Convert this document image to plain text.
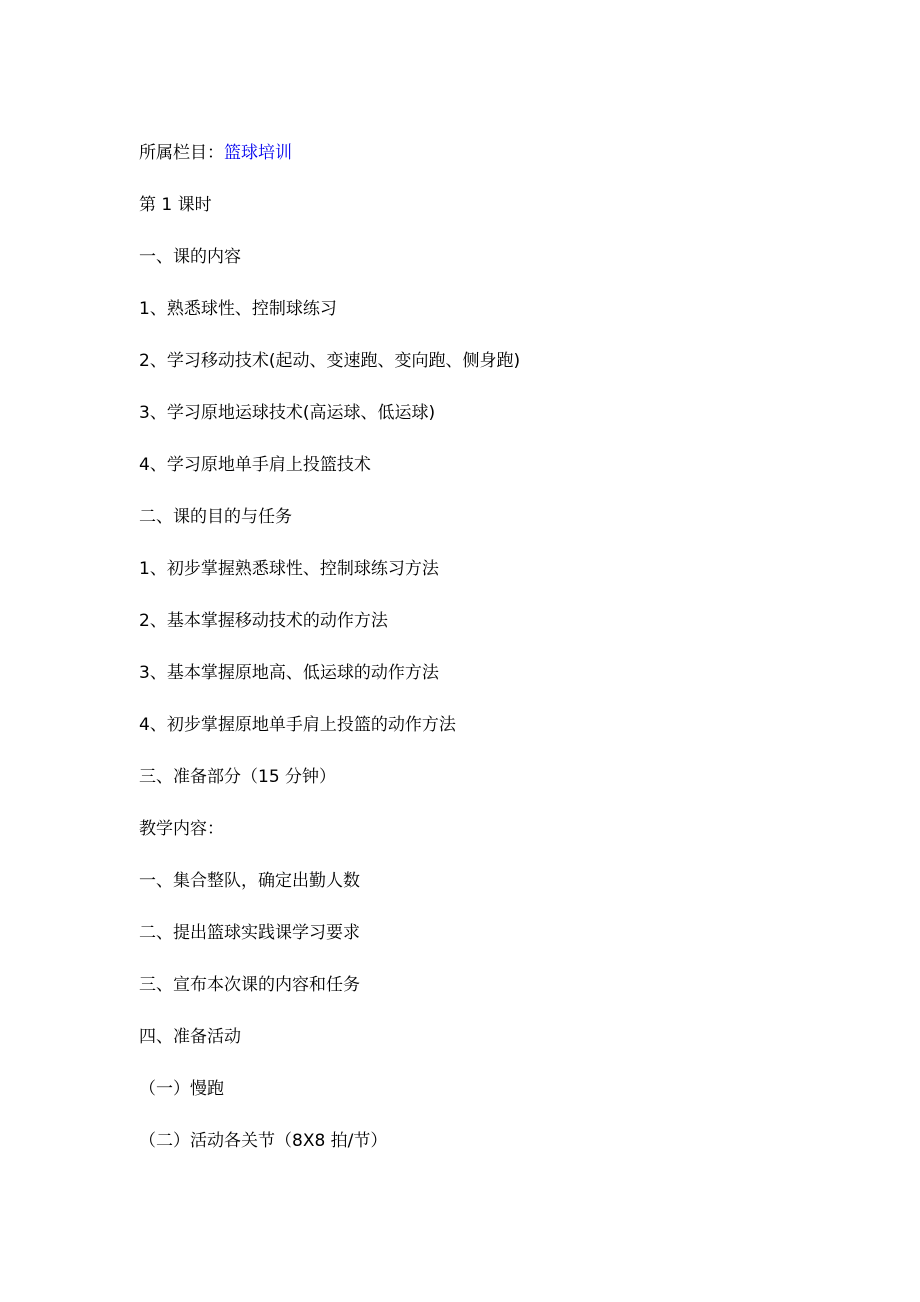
所属栏目：篮球培训
第 1 课时
一、课的内容
1、熟悉球性、控制球练习
2、学习移动技术(起动、变速跑、变向跑、侧身跑)
3、学习原地运球技术(高运球、低运球)
4、学习原地单手肩上投篮技术
二、课的目的与任务
1、初步掌握熟悉球性、控制球练习方法
2、基本掌握移动技术的动作方法
3、基本掌握原地高、低运球的动作方法
4、初步掌握原地单手肩上投篮的动作方法
三、准备部分（15 分钟）
教学内容：
一、集合整队，确定出勤人数
二、提出篮球实践课学习要求
三、宣布本次课的内容和任务
四、准备活动
（一）慢跑
（二）活动各关节（8X8 拍/节）
